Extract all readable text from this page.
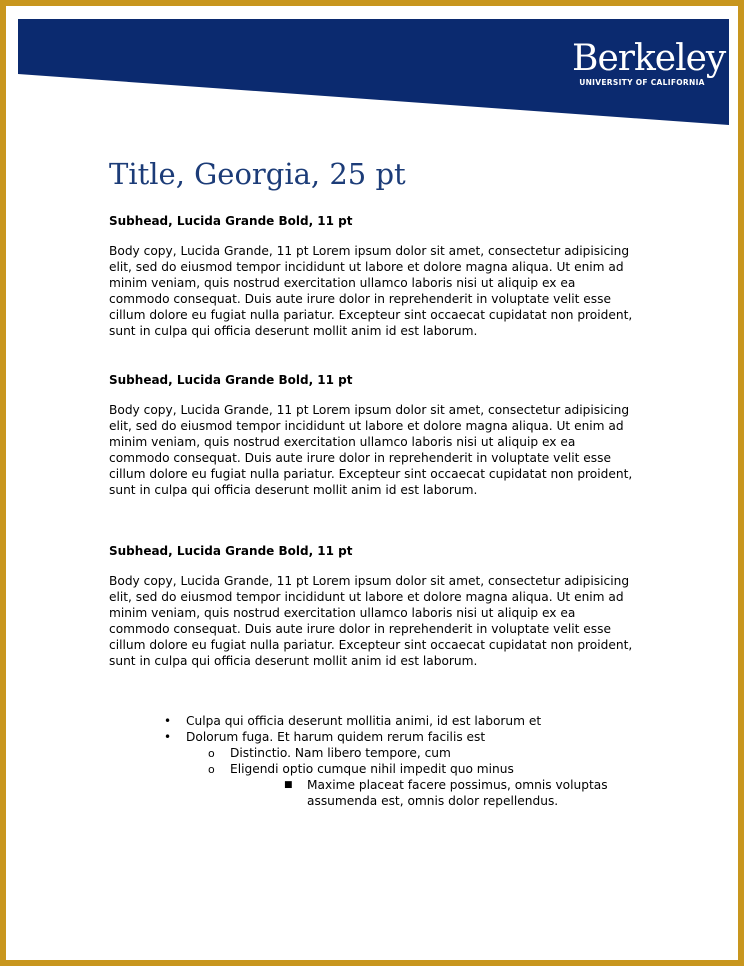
Berkeley
UNIVERSITY OF CALIFORNIA
Title, Georgia, 25 pt

Subhead, Lucida Grande Bold, 11 pt

Body copy, Lucida Grande, 11 pt Lorem ipsum dolor sit amet, consectetur adipisicing elit, sed do eiusmod tempor incididunt ut labore et dolore magna aliqua. Ut enim ad minim veniam, quis nostrud exercitation ullamco laboris nisi ut aliquip ex ea commodo consequat. Duis aute irure dolor in reprehenderit in voluptate velit esse cillum dolore eu fugiat nulla pariatur. Excepteur sint occaecat cupidatat non proident, sunt in culpa qui officia deserunt mollit anim id est laborum.

Subhead, Lucida Grande Bold, 11 pt

Body copy, Lucida Grande, 11 pt Lorem ipsum dolor sit amet, consectetur adipisicing elit, sed do eiusmod tempor incididunt ut labore et dolore magna aliqua. Ut enim ad minim veniam, quis nostrud exercitation ullamco laboris nisi ut aliquip ex ea commodo consequat. Duis aute irure dolor in reprehenderit in voluptate velit esse cillum dolore eu fugiat nulla pariatur. Excepteur sint occaecat cupidatat non proident, sunt in culpa qui officia deserunt mollit anim id est laborum.

Subhead, Lucida Grande Bold, 11 pt

Body copy, Lucida Grande, 11 pt Lorem ipsum dolor sit amet, consectetur adipisicing elit, sed do eiusmod tempor incididunt ut labore et dolore magna aliqua. Ut enim ad minim veniam, quis nostrud exercitation ullamco laboris nisi ut aliquip ex ea commodo consequat. Duis aute irure dolor in reprehenderit in voluptate velit esse cillum dolore eu fugiat nulla pariatur. Excepteur sint occaecat cupidatat non proident, sunt in culpa qui officia deserunt mollit anim id est laborum.

• Culpa qui officia deserunt mollitia animi, id est laborum et
• Dolorum fuga. Et harum quidem rerum facilis est
o Distinctio. Nam libero tempore, cum
o Eligendi optio cumque nihil impedit quo minus
■ Maxime placeat facere possimus, omnis voluptas assumenda est, omnis dolor repellendus.
